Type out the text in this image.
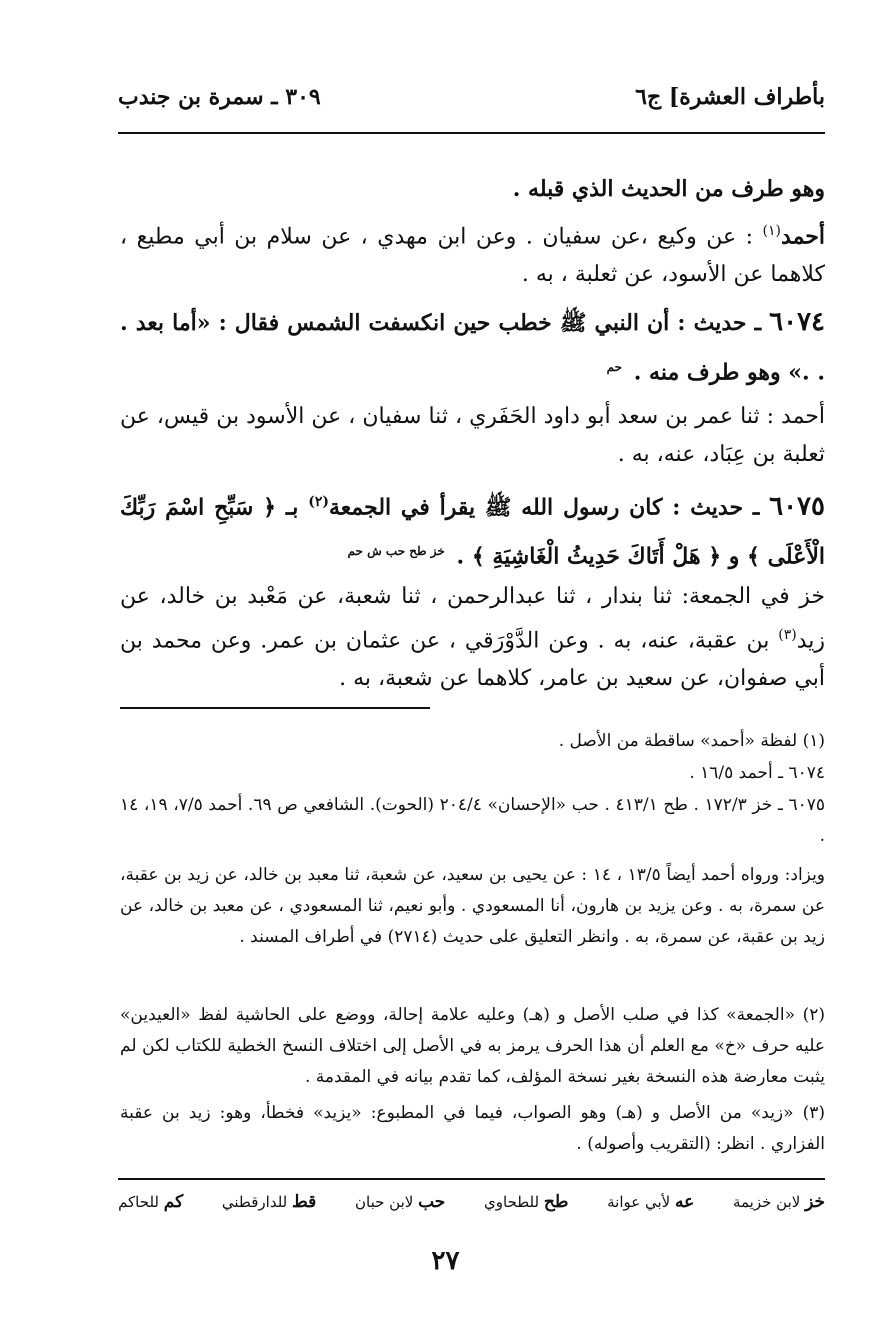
بأطراف العشرة] ج٦
٣٠٩ ـ سمرة بن جندب
وهو طرف من الحديث الذي قبله .
أحمد$^{(١)}$ : عن وكيع ،عن سفيان . وعن ابن مهدي ، عن سلام بن أبي مطيع ، كلاهما عن الأسود، عن ثعلبة ، به .
٦٠٧٤ ـ حديث : أن النبي ﷺ خطب حين انكسفت الشمس فقال : «أما بعد . . .» وهو طرف منه . $^{حم}$
أحمد : ثنا عمر بن سعد أبو داود الحَفَري ، ثنا سفيان ، عن الأسود بن قيس، عن ثعلبة بن عِبَاد، عنه، به .
٦٠٧٥ ـ حديث : كان رسول الله ﷺ يقرأ في الجمعة$^{(٢)}$ بـ ﴿ سَبِّحِ اسْمَ رَبِّكَ الْأَعْلَى ﴾ و ﴿ هَلْ أَتَاكَ حَدِيثُ الْغَاشِيَةِ ﴾ . $^{خز طح حب ش حم}$
خز في الجمعة: ثنا بندار ، ثنا عبدالرحمن ، ثنا شعبة، عن مَعْبد بن خالد، عن زيد$^{(٣)}$ بن عقبة، عنه، به . وعن الدَّوْرَقي ، عن عثمان بن عمر. وعن محمد بن أبي صفوان، عن سعيد بن عامر، كلاهما عن شعبة، به .
(١) لفظة «أحمد» ساقطة من الأصل .
٦٠٧٤ ـ أحمد ١٦/٥ .
٦٠٧٥ ـ خز ١٧٢/٣ . طح ٤١٣/١ . حب «الإحسان» ٢٠٤/٤ (الحوت). الشافعي ص ٦٩. أحمد ٧/٥، ١٩، ١٤ .
ويزاد: ورواه أحمد أيضاً ١٣/٥ ، ١٤ : عن يحيى بن سعيد، عن شعبة، ثنا معبد بن خالد، عن زيد بن عقبة، عن سمرة، به . وعن يزيد بن هارون، أنا المسعودي . وأبو نعيم، ثنا المسعودي ، عن معبد بن خالد، عن زيد بن عقبة، عن سمرة، به . وانظر التعليق على حديث (٢٧١٤) في أطراف المسند .
(٢) «الجمعة» كذا في صلب الأصل و (هـ) وعليه علامة إحالة، ووضع على الحاشية لفظ «العيدين» عليه حرف «خ» مع العلم أن هذا الحرف يرمز به في الأصل إلى اختلاف النسخ الخطية للكتاب لكن لم يثبت معارضة هذه النسخة بغير نسخة المؤلف، كما تقدم بيانه في المقدمة .
(٣) «زيد» من الأصل و (هـ) وهو الصواب، فيما في المطبوع: «يزيد» فخطأ، وهو: زيد بن عقبة الفزاري . انظر: (التقريب وأصوله) .
خز لابن خزيمة
عه لأبي عوانة
طح للطحاوي
حب لابن حبان
قط للدارقطني
كم للحاكم
٢٧
